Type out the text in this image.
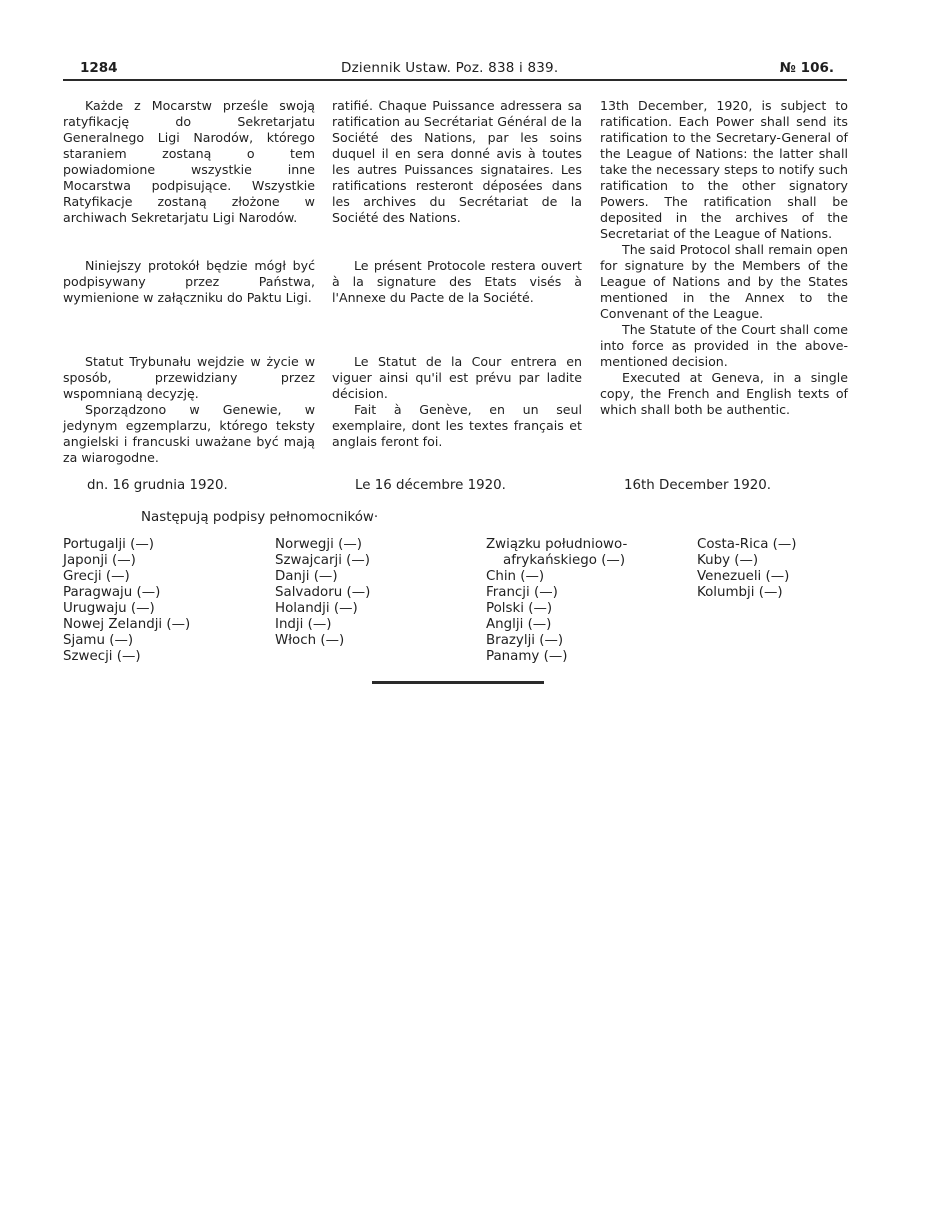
1284	Dziennik Ustaw. Poz. 838 i 839.	№ 106.

Każde z Mocarstw prześle swoją ratyfikację do Sekretarjatu Generalnego Ligi Narodów, którego staraniem zostaną o tem powiadomione wszystkie inne Mocarstwa podpisujące. Wszystkie Ratyfikacje zostaną złożone w archiwach Sekretarjatu Ligi Narodów.

Niniejszy protokół będzie mógł być podpisywany przez Państwa, wymienione w załączniku do Paktu Ligi.

Statut Trybunału wejdzie w życie w sposób, przewidziany przez wspomnianą decyzję.

Sporządzono w Genewie, w jedynym egzemplarzu, którego teksty angielski i francuski uważane być mają za wiarogodne.

ratifié. Chaque Puissance adressera sa ratification au Secrétariat Général de la Société des Nations, par les soins duquel il en sera donné avis à toutes les autres Puissances signataires. Les ratifications resteront déposées dans les archives du Secrétariat de la Société des Nations.

Le présent Protocole restera ouvert à la signature des Etats visés à l'Annexe du Pacte de la Société.

Le Statut de la Cour entrera en viguer ainsi qu'il est prévu par ladite décision.

Fait à Genève, en un seul exemplaire, dont les textes français et anglais feront foi.

13th December, 1920, is subject to ratification. Each Power shall send its ratification to the Secretary-General of the League of Nations: the latter shall take the necessary steps to notify such ratification to the other signatory Powers. The ratification shall be deposited in the archives of the Secretariat of the League of Nations.

The said Protocol shall remain open for signature by the Members of the League of Nations and by the States mentioned in the Annex to the Convenant of the League.

The Statute of the Court shall come into force as provided in the above-mentioned decision.

Executed at Geneva, in a single copy, the French and English texts of which shall both be authentic.

dn. 16 grudnia 1920.	Le 16 décembre 1920.	16th December 1920.
Następują podpisy pełnomocników·
Portugalji (—)
Japonji (—)
Grecji (—)
Paragwaju (—)
Urugwaju (—)
Nowej Zelandji (—)
Sjamu (—)
Szwecji (—)
Norwegji (—)
Szwajcarji (—)
Danji (—)
Salvadoru (—)
Holandji (—)
Indji (—)
Włoch (—)
Związku południowo-
afrykańskiego (—)
Chin (—)
Francji (—)
Polski (—)
Anglji (—)
Brazylji (—)
Panamy (—)
Costa-Rica (—)
Kuby (—)
Venezueli (—)
Kolumbji (—)
